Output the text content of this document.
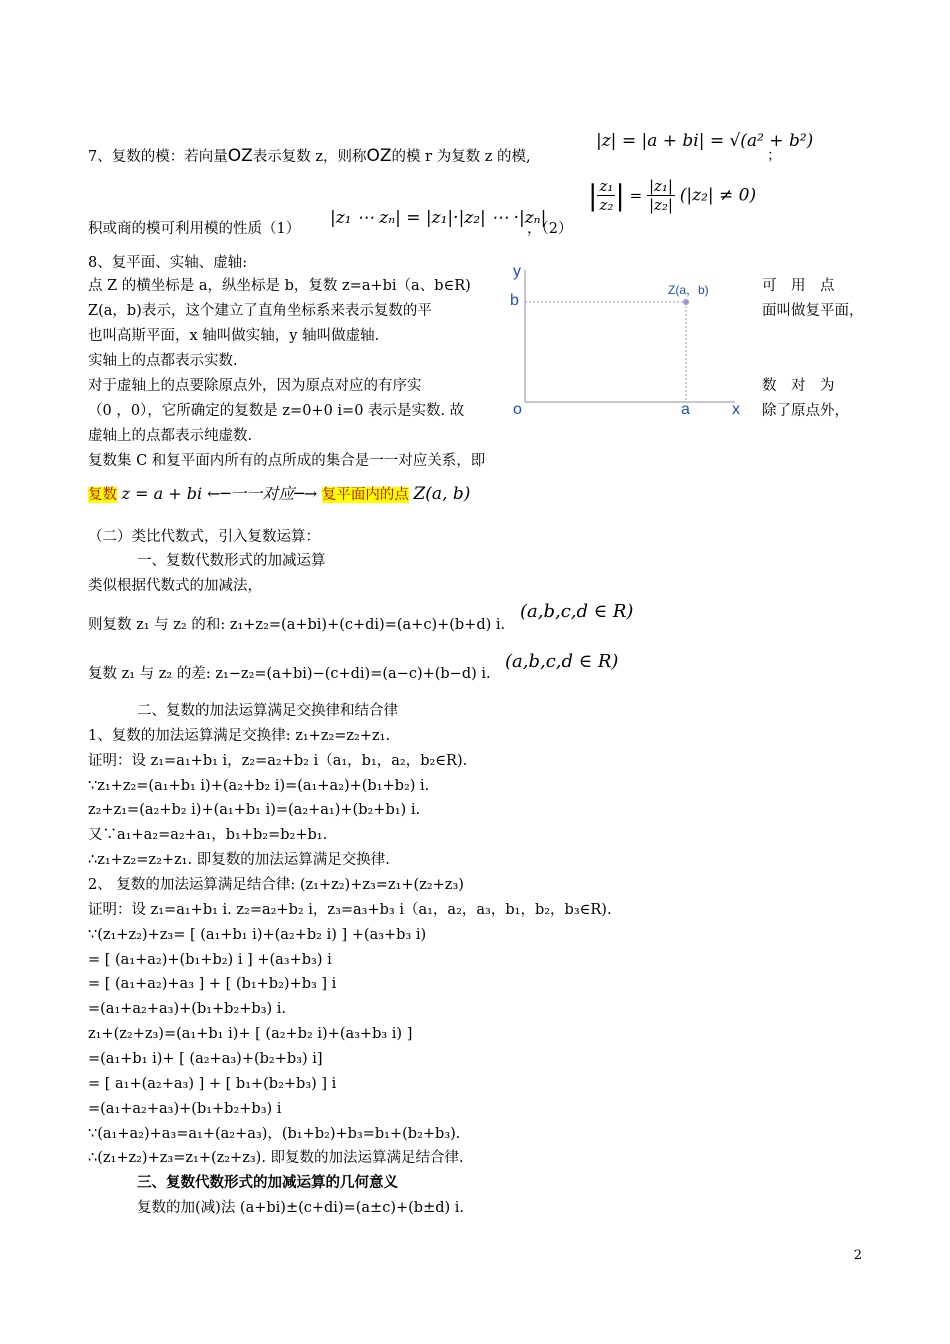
7、复数的模：若向量OZ表示复数 z，则称OZ的模 r 为复数 z 的模,
|z| = |a + bi| = √(a² + b²)
；
积或商的模可利用模的性质（1）
|z₁ ⋯ zₙ| = |z₁|·|z₂| ⋯ ·|zₙ|
，（2）
| $\frac{\text{z₁}}{\text{z₂}}$ | = $\frac{\text{|z₁|}}{\text{|z₂|}} (|z_2| \ne 0)$
8、复平面、实轴、虚轴:
点 Z 的横坐标是 a，纵坐标是 b，复数 z=a+bi（a、b∈R)	可　用　点
Z(a，b)表示，这个建立了直角坐标系来表示复数的平	面叫做复平面，
也叫高斯平面，x 轴叫做实轴，y 轴叫做虚轴.
实轴上的点都表示实数.
对于虚轴上的点要除原点外，因为原点对应的有序实	数　对　为
（0 ，0），它所确定的复数是 z=0+0 i=0 表示是实数. 故	除了原点外，
虚轴上的点都表示纯虚数.
复数集 C 和复平面内所有的点所成的集合是一一对应关系，即
复数 z = a + bi ←─一一对应─→ 复平面内的点 Z(a, b)
y
b
o	a	x
Z(a，b)
（二）类比代数式，引入复数运算：
一、复数代数形式的加减运算
类似根据代数式的加减法，
则复数 z₁ 与 z₂ 的和: z₁+z₂=(a+bi)+(c+di)=(a+c)+(b+d) i.
(a,b,c,d ∈ R)
复数 z₁ 与 z₂ 的差: z₁−z₂=(a+bi)−(c+di)=(a−c)+(b−d) i.
(a,b,c,d ∈ R)
二、复数的加法运算满足交换律和结合律
1、复数的加法运算满足交换律: z₁+z₂=z₂+z₁.
证明：设 z₁=a₁+b₁ i，z₂=a₂+b₂ i（a₁，b₁，a₂，b₂∈R).
∵z₁+z₂=(a₁+b₁ i)+(a₂+b₂ i)=(a₁+a₂)+(b₁+b₂) i.
z₂+z₁=(a₂+b₂ i)+(a₁+b₁ i)=(a₂+a₁)+(b₂+b₁) i.
又∵a₁+a₂=a₂+a₁，b₁+b₂=b₂+b₁.
∴z₁+z₂=z₂+z₁. 即复数的加法运算满足交换律.
2、 复数的加法运算满足结合律: (z₁+z₂)+z₃=z₁+(z₂+z₃)
证明：设 z₁=a₁+b₁ i. z₂=a₂+b₂ i，z₃=a₃+b₃ i（a₁，a₂，a₃，b₁，b₂，b₃∈R).
∵(z₁+z₂)+z₃= [ (a₁+b₁ i)+(a₂+b₂ i) ] +(a₃+b₃ i)
= [ (a₁+a₂)+(b₁+b₂) i ] +(a₃+b₃) i
= [ (a₁+a₂)+a₃ ] + [ (b₁+b₂)+b₃ ] i
=(a₁+a₂+a₃)+(b₁+b₂+b₃) i.
z₁+(z₂+z₃)=(a₁+b₁ i)+ [ (a₂+b₂ i)+(a₃+b₃ i) ]
=(a₁+b₁ i)+ [ (a₂+a₃)+(b₂+b₃) i]
= [ a₁+(a₂+a₃) ] + [ b₁+(b₂+b₃) ] i
=(a₁+a₂+a₃)+(b₁+b₂+b₃) i
∵(a₁+a₂)+a₃=a₁+(a₂+a₃)，(b₁+b₂)+b₃=b₁+(b₂+b₃).
∴(z₁+z₂)+z₃=z₁+(z₂+z₃). 即复数的加法运算满足结合律.
三、复数代数形式的加减运算的几何意义
复数的加(减)法 (a+bi)±(c+di)=(a±c)+(b±d) i.
2
